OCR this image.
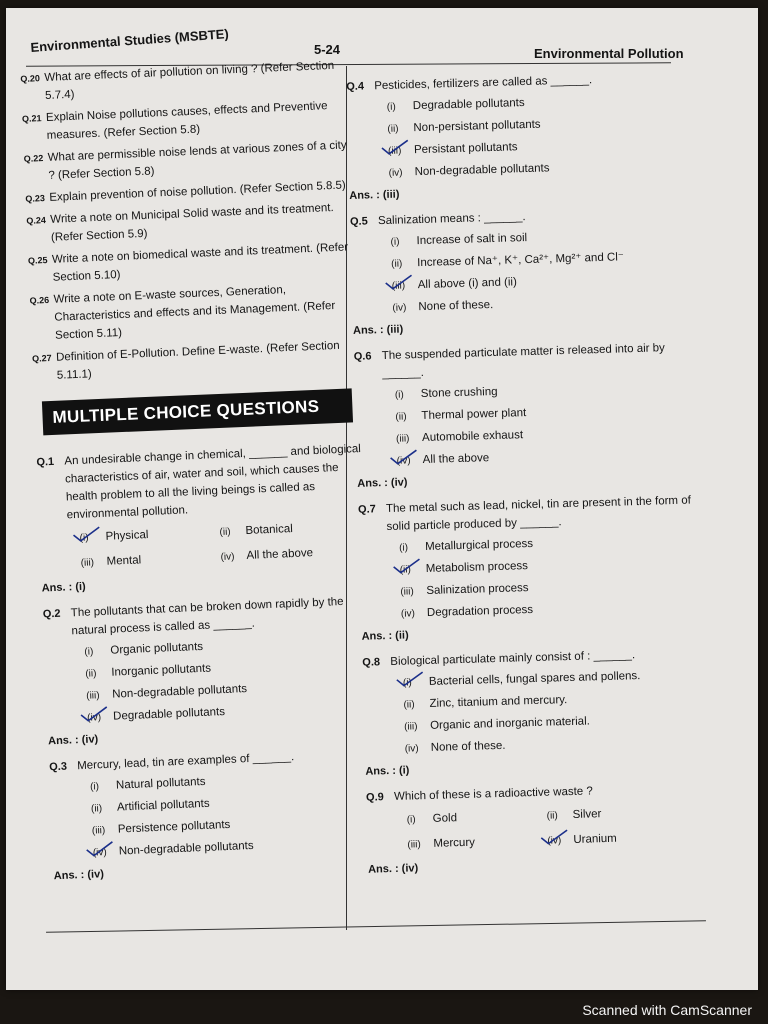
Environmental Studies (MSBTE)	5-24	Environmental Pollution
Q.20 What are effects of air pollution on living ? (Refer Section 5.7.4)
Q.21 Explain Noise pollutions causes, effects and Preventive measures. (Refer Section 5.8)
Q.22 What are permissible noise lends at various zones of a city ? (Refer Section 5.8)
Q.23 Explain prevention of noise pollution. (Refer Section 5.8.5)
Q.24 Write a note on Municipal Solid waste and its treatment. (Refer Section 5.9)
Q.25 Write a note on biomedical waste and its treatment. (Refer Section 5.10)
Q.26 Write a note on E-waste sources, Generation, Characteristics and effects and its Management. (Refer Section 5.11)
Q.27 Definition of E-Pollution. Define E-waste. (Refer Section 5.11.1)
MULTIPLE CHOICE QUESTIONS
Q.1 An undesirable change in chemical, ______ and biological characteristics of air, water and soil, which causes the health problem to all the living beings is called as environmental pollution.
(i) Physical	(ii) Botanical
(iii) Mental	(iv) All the above
Ans. : (i)
Q.2 The pollutants that can be broken down rapidly by the natural process is called as ______.
(i) Organic pollutants
(ii) Inorganic pollutants
(iii) Non-degradable pollutants
(iv) Degradable pollutants
Ans. : (iv)
Q.3 Mercury, lead, tin are examples of ______.
(i) Natural pollutants
(ii) Artificial pollutants
(iii) Persistence pollutants
(iv) Non-degradable pollutants
Ans. : (iv)
Q.4 Pesticides, fertilizers are called as ______.
(i) Degradable pollutants
(ii) Non-persistant pollutants
(iii) Persistant pollutants
(iv) Non-degradable pollutants
Ans. : (iii)
Q.5 Salinization means : ______.
(i) Increase of salt in soil
(ii) Increase of Na⁺, K⁺, Ca²⁺, Mg²⁺ and Cl⁻
(iii) All above (i) and (ii)
(iv) None of these.
Ans. : (iii)
Q.6 The suspended particulate matter is released into air by ______.
(i) Stone crushing
(ii) Thermal power plant
(iii) Automobile exhaust
(iv) All the above
Ans. : (iv)
Q.7 The metal such as lead, nickel, tin are present in the form of solid particle produced by ______.
(i) Metallurgical process
(ii) Metabolism process
(iii) Salinization process
(iv) Degradation process
Ans. : (ii)
Q.8 Biological particulate mainly consist of : ______.
(i) Bacterial cells, fungal spares and pollens.
(ii) Zinc, titanium and mercury.
(iii) Organic and inorganic material.
(iv) None of these.
Ans. : (i)
Q.9 Which of these is a radioactive waste ?
(i) Gold	(ii) Silver
(iii) Mercury	(iv) Uranium
Ans. : (iv)
Scanned with CamScanner
